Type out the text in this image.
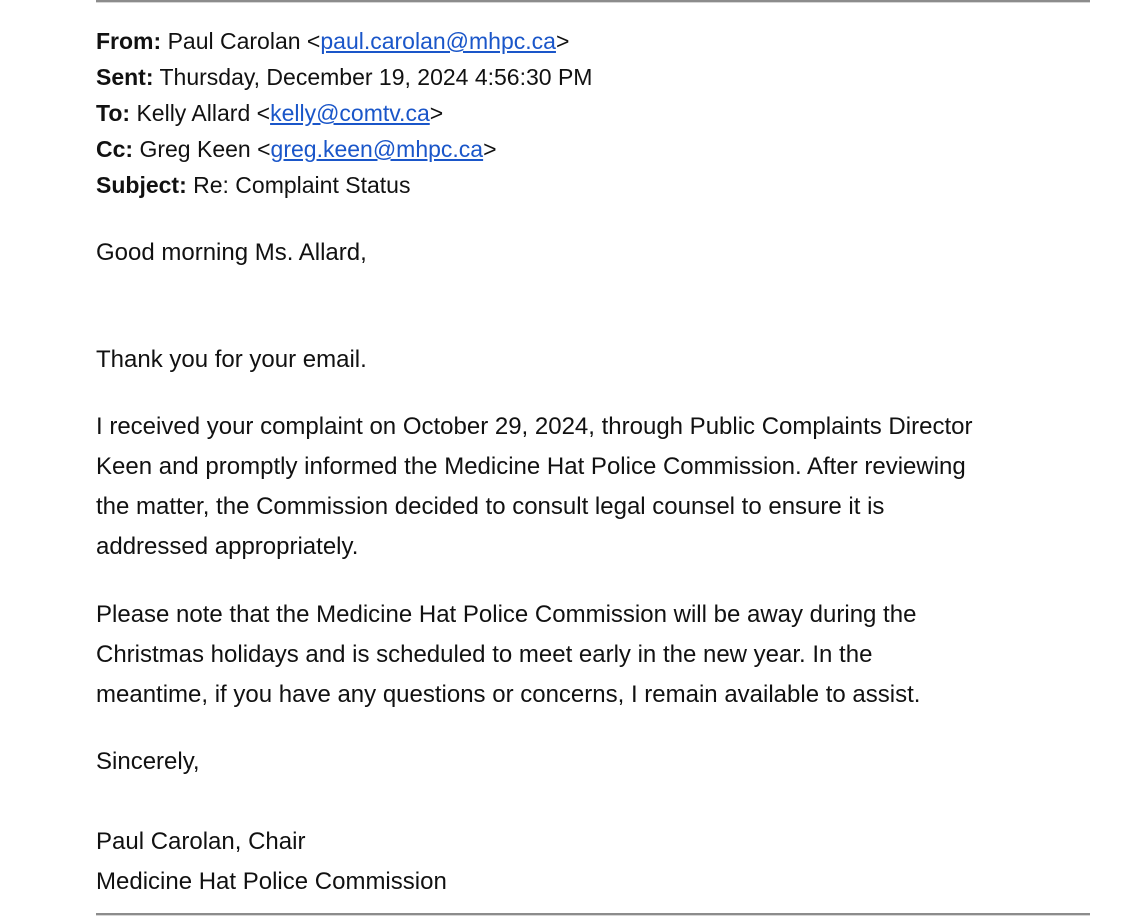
From: Paul Carolan <paul.carolan@mhpc.ca>
Sent: Thursday, December 19, 2024 4:56:30 PM
To: Kelly Allard <kelly@comtv.ca>
Cc: Greg Keen <greg.keen@mhpc.ca>
Subject: Re: Complaint Status
Good morning Ms. Allard,
Thank you for your email.
I received your complaint on October 29, 2024, through Public Complaints Director
Keen and promptly informed the Medicine Hat Police Commission. After reviewing
the matter, the Commission decided to consult legal counsel to ensure it is
addressed appropriately.
Please note that the Medicine Hat Police Commission will be away during the
Christmas holidays and is scheduled to meet early in the new year. In the
meantime, if you have any questions or concerns, I remain available to assist.
Sincerely,
Paul Carolan, Chair
Medicine Hat Police Commission
